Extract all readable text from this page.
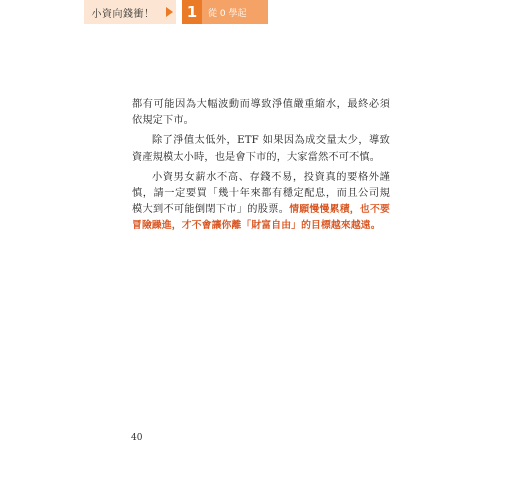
小資向錢衝！	1	從 0 學起

都有可能因為大幅波動而導致淨值嚴重縮水，最終必須依規定下市。

除了淨值太低外，ETF 如果因為成交量太少，導致資產規模太小時，也是會下市的，大家當然不可不慎。

小資男女薪水不高、存錢不易，投資真的要格外謹慎，請一定要買「幾十年來都有穩定配息，而且公司規模大到不可能倒閉下市」的股票。情願慢慢累積，也不要冒險躁進，才不會讓你離「財富自由」的目標越來越遠。

40
